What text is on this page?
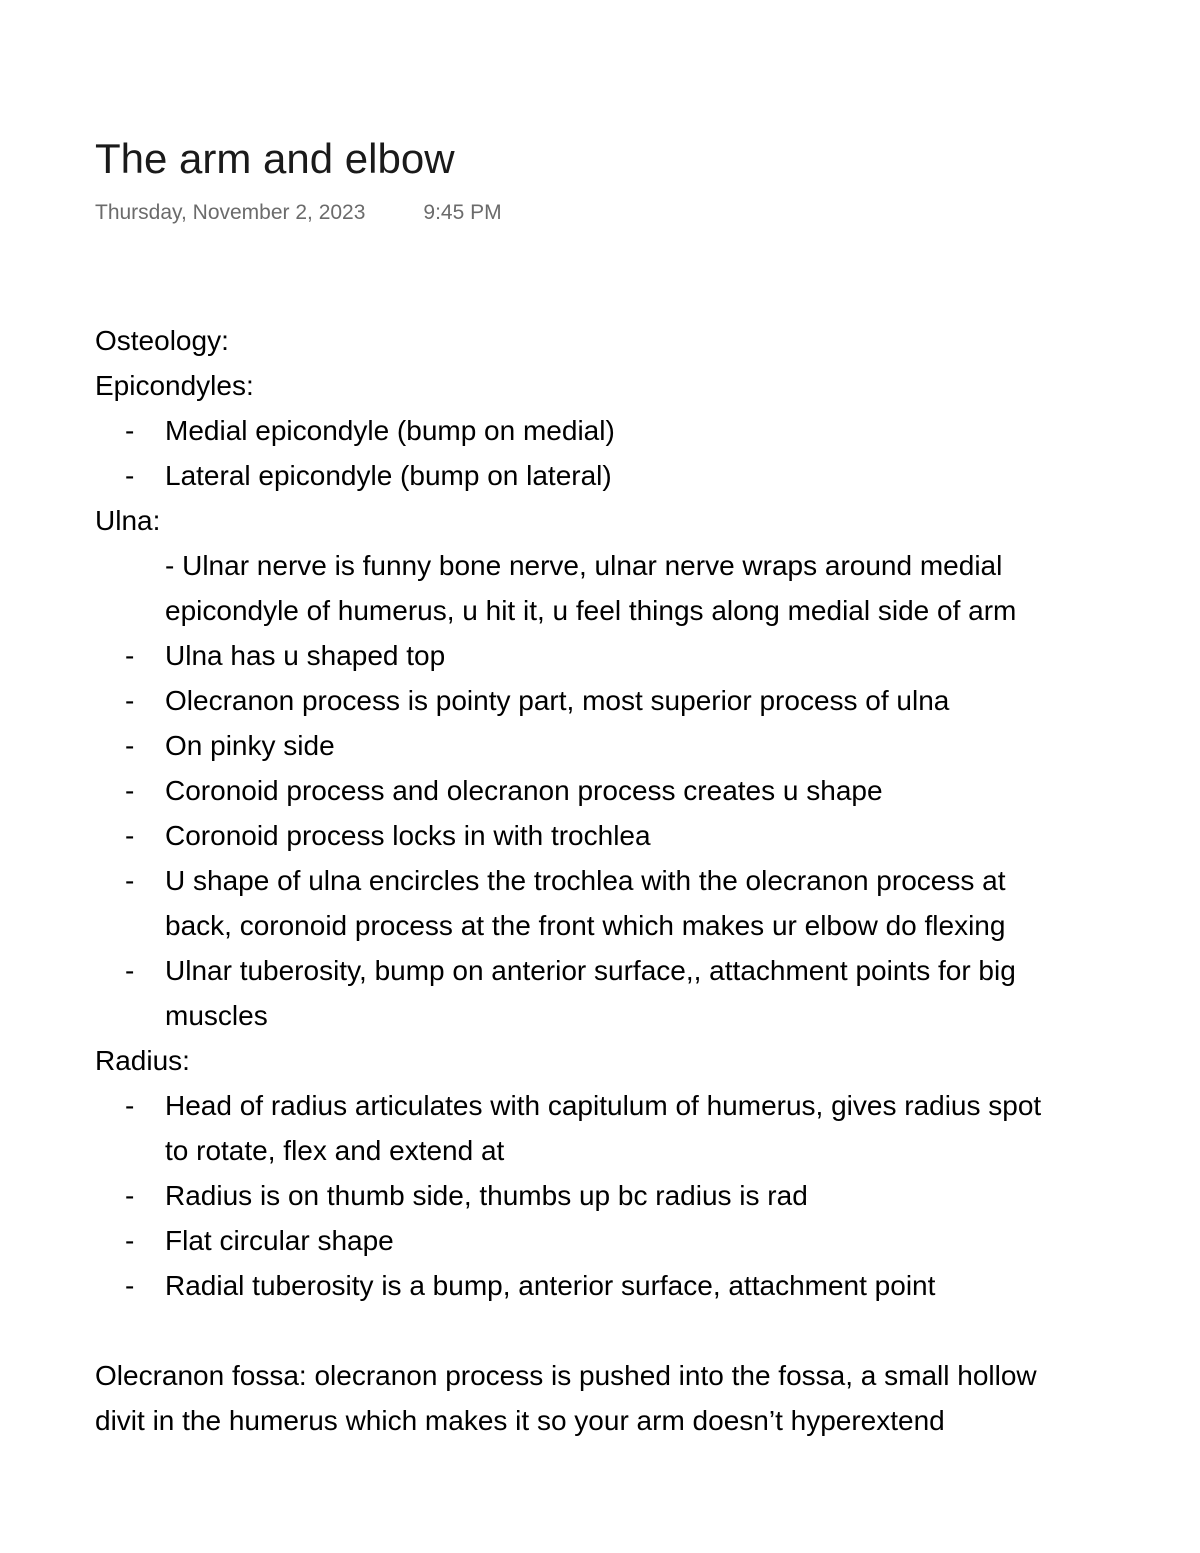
The arm and elbow
Thursday, November 2, 2023	9:45 PM
Osteology:
Epicondyles:
- Medial epicondyle (bump on medial)
- Lateral epicondyle (bump on lateral)
Ulna:
- Ulnar nerve is funny bone nerve, ulnar nerve wraps around medial
epicondyle of humerus, u hit it, u feel things along medial side of arm
- Ulna has u shaped top
- Olecranon process is pointy part, most superior process of ulna
- On pinky side
- Coronoid process and olecranon process creates u shape
- Coronoid process locks in with trochlea
- U shape of ulna encircles the trochlea with the olecranon process at
back, coronoid process at the front which makes ur elbow do flexing
- Ulnar tuberosity, bump on anterior surface,, attachment points for big
muscles
Radius:
- Head of radius articulates with capitulum of humerus, gives radius spot
to rotate, flex and extend at
- Radius is on thumb side, thumbs up bc radius is rad
- Flat circular shape
- Radial tuberosity is a bump, anterior surface, attachment point
Olecranon fossa: olecranon process is pushed into the fossa, a small hollow
divit in the humerus which makes it so your arm doesn’t hyperextend
